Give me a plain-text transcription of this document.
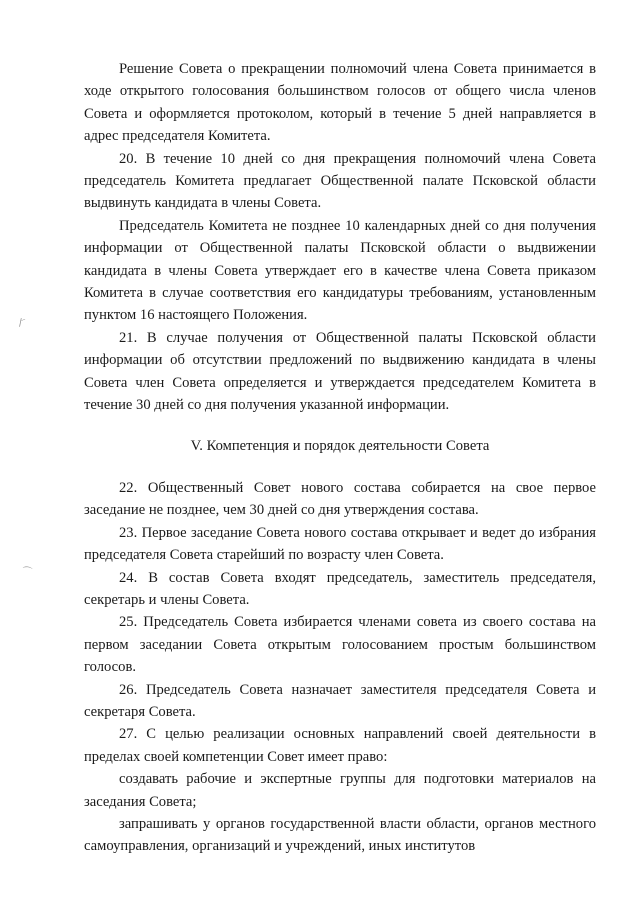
⁄⁻
⌒

Решение Совета о прекращении полномочий члена Совета принимается в ходе открытого голосования большинством голосов от общего числа членов Совета и оформляется протоколом, который в течение 5 дней направляется в адрес председателя Комитета.

20. В течение 10 дней со дня прекращения полномочий члена Совета председатель Комитета предлагает Общественной палате Псковской области выдвинуть кандидата в члены Совета.

Председатель Комитета не позднее 10 календарных дней со дня получения информации от Общественной палаты Псковской области о выдвижении кандидата в члены Совета утверждает его в качестве члена Совета приказом Комитета в случае соответствия его кандидатуры требованиям, установленным пунктом 16 настоящего Положения.

21. В случае получения от Общественной палаты Псковской области информации об отсутствии предложений по выдвижению кандидата в члены Совета член Совета определяется и утверждается председателем Комитета в течение 30 дней со дня получения указанной информации.

V. Компетенция и порядок деятельности Совета

22. Общественный Совет нового состава собирается на свое первое заседание не позднее, чем 30 дней со дня утверждения состава.

23. Первое заседание Совета нового состава открывает и ведет до избрания председателя Совета старейший по возрасту член Совета.

24. В состав Совета входят председатель, заместитель председателя, секретарь и члены Совета.

25. Председатель Совета избирается членами совета из своего состава на первом заседании Совета открытым голосованием простым большинством голосов.

26. Председатель Совета назначает заместителя председателя Совета и секретаря Совета.

27. С целью реализации основных направлений своей деятельности в пределах своей компетенции Совет имеет право:

создавать рабочие и экспертные группы для подготовки материалов на заседания Совета;

запрашивать у органов государственной власти области, органов местного самоуправления, организаций и учреждений, иных институтов
